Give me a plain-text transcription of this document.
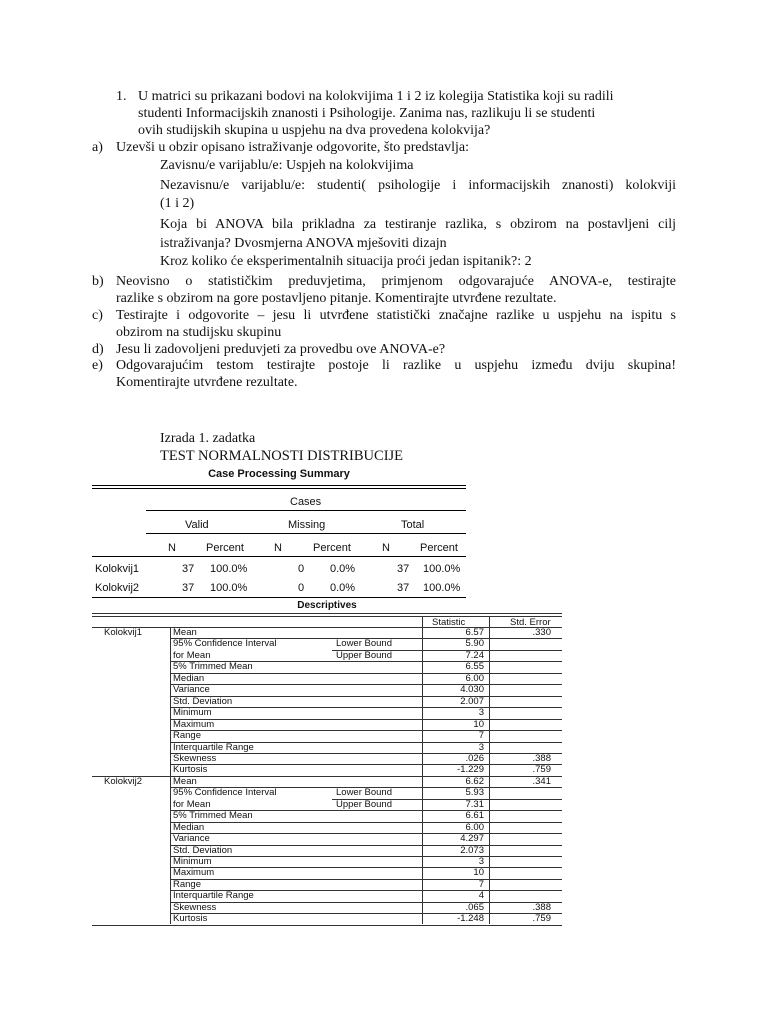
1. U matrici su prikazani bodovi na kolokvijima 1 i 2 iz kolegija Statistika koji su radili
studenti Informacijskih znanosti i Psihologije. Zanima nas, razlikuju li se studenti
ovih studijskih skupina u uspjehu na dva provedena kolokvija?
a) Uzevši u obzir opisano istraživanje odgovorite, što predstavlja:
Zavisnu/e varijablu/e: Uspjeh na kolokvijima
Nezavisnu/e varijablu/e: studenti( psihologije i informacijskih znanosti) kolokviji
(1 i 2)
Koja bi ANOVA bila prikladna za testiranje razlika, s obzirom na postavljeni cilj
istraživanja? Dvosmjerna ANOVA mješoviti dizajn
Kroz koliko će eksperimentalnih situacija proći jedan ispitanik?: 2
b) Neovisno o statističkim preduvjetima, primjenom odgovarajuće ANOVA-e, testirajte
razlike s obzirom na gore postavljeno pitanje. Komentirajte utvrđene rezultate.
c) Testirajte i odgovorite – jesu li utvrđene statistički značajne razlike u uspjehu na ispitu s
obzirom na studijsku skupinu
d) Jesu li zadovoljeni preduvjeti za provedbu ove ANOVA-e?
e) Odgovarajućim testom testirajte postoje li razlike u uspjehu između dviju skupina!
Komentirajte utvrđene rezultate.
Izrada 1. zadatka
TEST NORMALNOSTI DISTRIBUCIJE
Case Processing Summary
Cases
Valid	Missing	Total
N	Percent	N	Percent	N	Percent
Kolokvij1	37 100.0%	0 0.0%	37 100.0%
Kolokvij2	37 100.0%	0 0.0%	37 100.0%
Descriptives
Statistic	Std. Error
Kolokvij1	Mean	6.57	.330
95% Confidence Interval	Lower Bound	5.90
for Mean	Upper Bound	7.24
5% Trimmed Mean	6.55
Median	6.00
Variance	4.030
Std. Deviation	2.007
Minimum	3
Maximum	10
Range	7
Interquartile Range	3
Skewness	.026	.388
Kurtosis	-1.229	.759
Kolokvij2	Mean	6.62	.341
95% Confidence Interval	Lower Bound	5.93
for Mean	Upper Bound	7.31
5% Trimmed Mean	6.61
Median	6.00
Variance	4.297
Std. Deviation	2.073
Minimum	3
Maximum	10
Range	7
Interquartile Range	4
Skewness	.065	.388
Kurtosis	-1.248	.759
